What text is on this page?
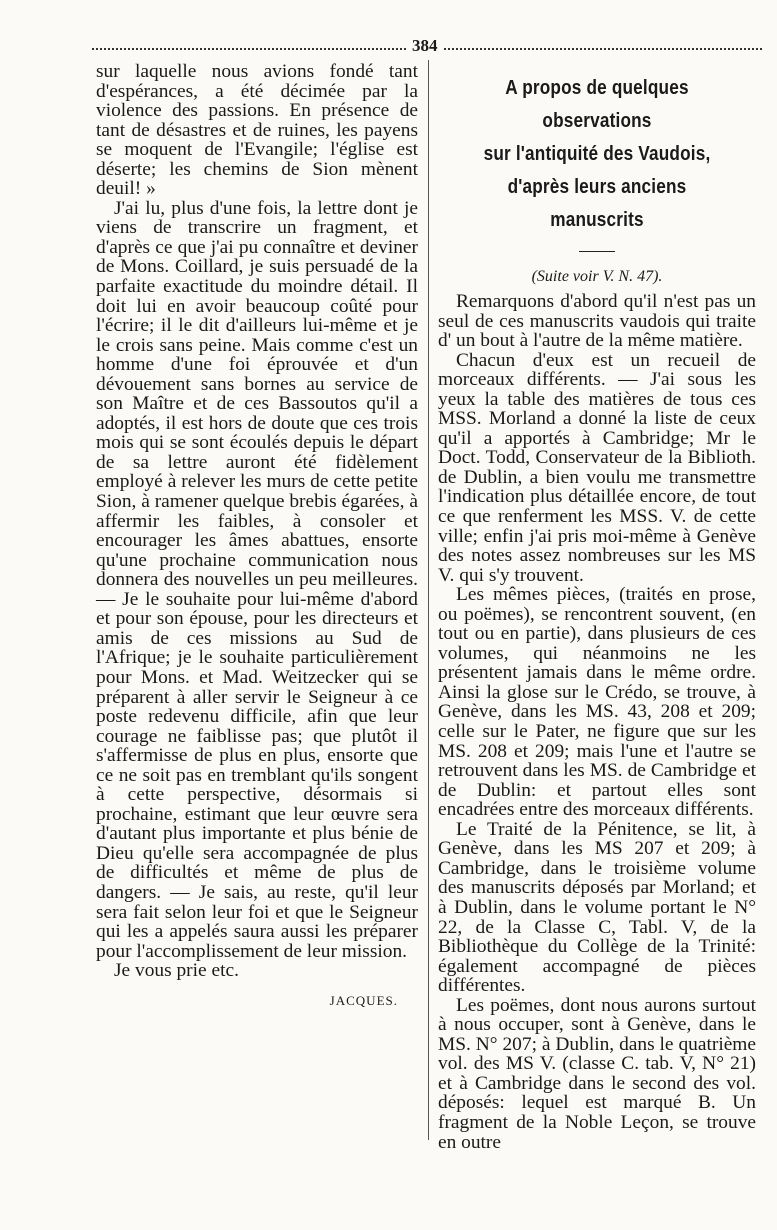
384

sur laquelle nous avions fondé tant d'espérances, a été décimée par la violence des passions. En présence de tant de désastres et de ruines, les payens se moquent de l'Evangile; l'église est déserte; les chemins de Sion mènent deuil! »

J'ai lu, plus d'une fois, la lettre dont je viens de transcrire un fragment, et d'après ce que j'ai pu connaître et deviner de Mons. Coillard, je suis persuadé de la parfaite exactitude du moindre détail. Il doit lui en avoir beaucoup coûté pour l'écrire; il le dit d'ailleurs lui-même et je le crois sans peine. Mais comme c'est un homme d'une foi éprouvée et d'un dévouement sans bornes au service de son Maître et de ces Bassoutos qu'il a adoptés, il est hors de doute que ces trois mois qui se sont écoulés depuis le départ de sa lettre auront été fidèlement employé à relever les murs de cette petite Sion, à ramener quelque brebis égarées, à affermir les faibles, à consoler et encourager les âmes abattues, ensorte qu'une prochaine communication nous donnera des nouvelles un peu meilleures. — Je le souhaite pour lui-même d'abord et pour son épouse, pour les directeurs et amis de ces missions au Sud de l'Afrique; je le souhaite particulièrement pour Mons. et Mad. Weitzecker qui se préparent à aller servir le Seigneur à ce poste redevenu difficile, afin que leur courage ne faiblisse pas; que plutôt il s'affermisse de plus en plus, ensorte que ce ne soit pas en tremblant qu'ils songent à cette perspective, désormais si prochaine, estimant que leur œuvre sera d'autant plus importante et plus bénie de Dieu qu'elle sera accompagnée de plus de difficultés et même de plus de dangers. — Je sais, au reste, qu'il leur sera fait selon leur foi et que le Seigneur qui les a appelés saura aussi les préparer pour l'accomplissement de leur mission.

Je vous prie etc.

JACQUES.
A propos de quelques observations
sur l'antiquité des Vaudois,
d'après leurs anciens manuscrits
(Suite voir V. N. 47).

Remarquons d'abord qu'il n'est pas un seul de ces manuscrits vaudois qui traite d' un bout à l'autre de la même matière.

Chacun d'eux est un recueil de morceaux différents. — J'ai sous les yeux la table des matières de tous ces MSS. Morland a donné la liste de ceux qu'il a apportés à Cambridge; Mr le Doct. Todd, Conservateur de la Biblioth. de Dublin, a bien voulu me transmettre l'indication plus détaillée encore, de tout ce que renferment les MSS. V. de cette ville; enfin j'ai pris moi-même à Genève des notes assez nombreuses sur les MS V. qui s'y trouvent.

Les mêmes pièces, (traités en prose, ou poëmes), se rencontrent souvent, (en tout ou en partie), dans plusieurs de ces volumes, qui néanmoins ne les présentent jamais dans le même ordre. Ainsi la glose sur le Crédo, se trouve, à Genève, dans les MS. 43, 208 et 209; celle sur le Pater, ne figure que sur les MS. 208 et 209; mais l'une et l'autre se retrouvent dans les MS. de Cambridge et de Dublin: et partout elles sont encadrées entre des morceaux différents.

Le Traité de la Pénitence, se lit, à Genève, dans les MS 207 et 209; à Cambridge, dans le troisième volume des manuscrits déposés par Morland; et à Dublin, dans le volume portant le N° 22, de la Classe C, Tabl. V, de la Bibliothèque du Collège de la Trinité: également accompagné de pièces différentes.

Les poëmes, dont nous aurons surtout à nous occuper, sont à Genève, dans le MS. N° 207; à Dublin, dans le quatrième vol. des MS V. (classe C. tab. V, N° 21) et à Cambridge dans le second des vol. déposés: lequel est marqué B. Un fragment de la Noble Leçon, se trouve en outre
